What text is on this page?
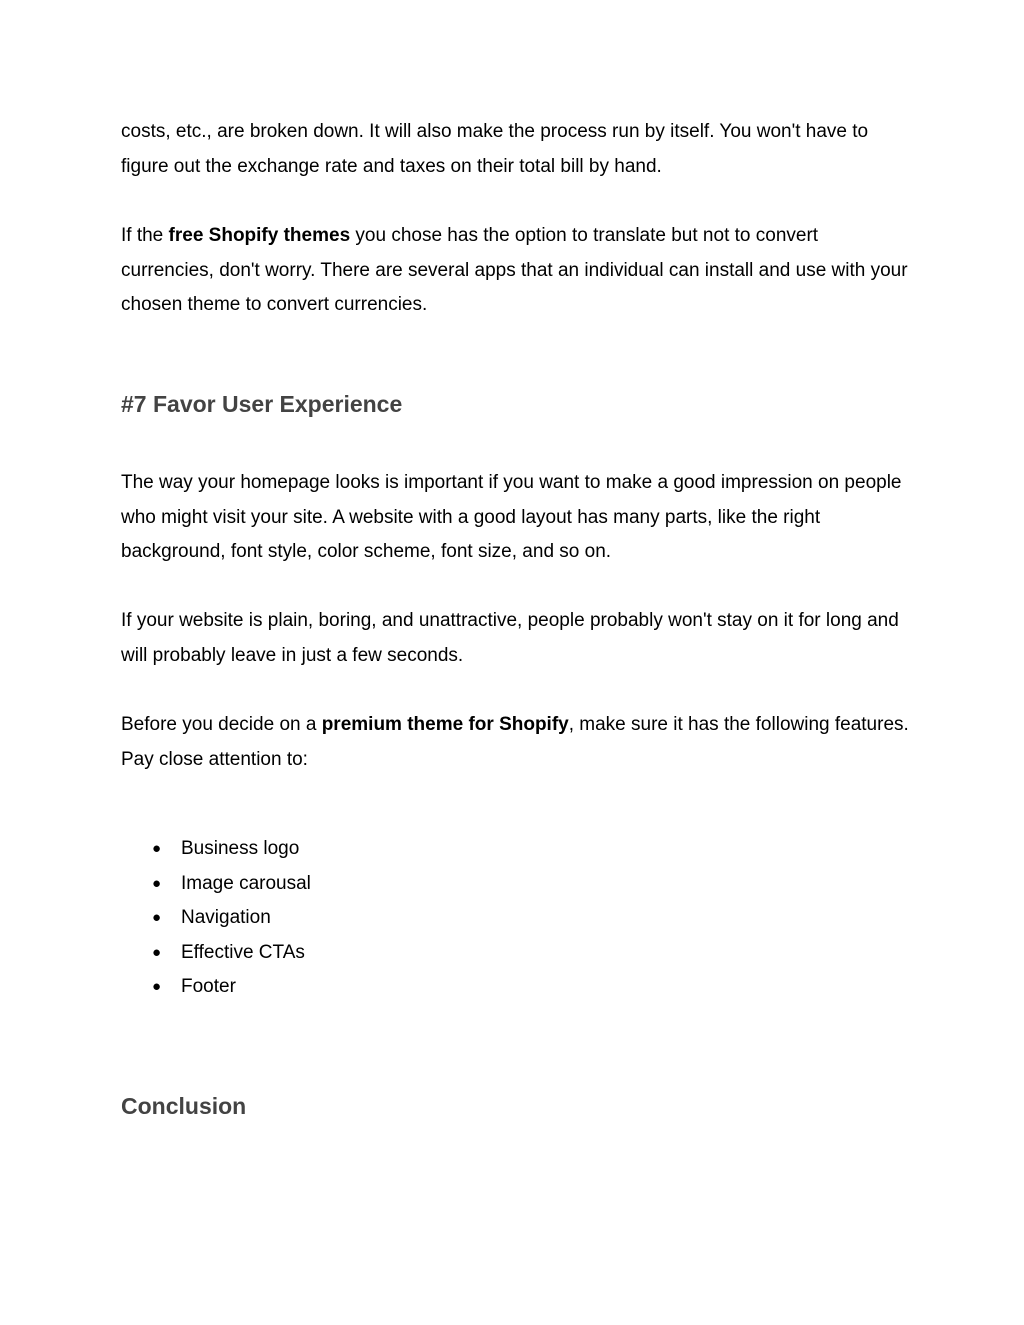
costs, etc., are broken down. It will also make the process run by itself. You won't have to figure out the exchange rate and taxes on their total bill by hand.

If the free Shopify themes you chose has the option to translate but not to convert currencies, don't worry. There are several apps that an individual can install and use with your chosen theme to convert currencies.

#7 Favor User Experience

The way your homepage looks is important if you want to make a good impression on people who might visit your site. A website with a good layout has many parts, like the right background, font style, color scheme, font size, and so on.

If your website is plain, boring, and unattractive, people probably won't stay on it for long and will probably leave in just a few seconds.

Before you decide on a premium theme for Shopify, make sure it has the following features. Pay close attention to:

● Business logo
● Image carousal
● Navigation
● Effective CTAs
● Footer
Conclusion
